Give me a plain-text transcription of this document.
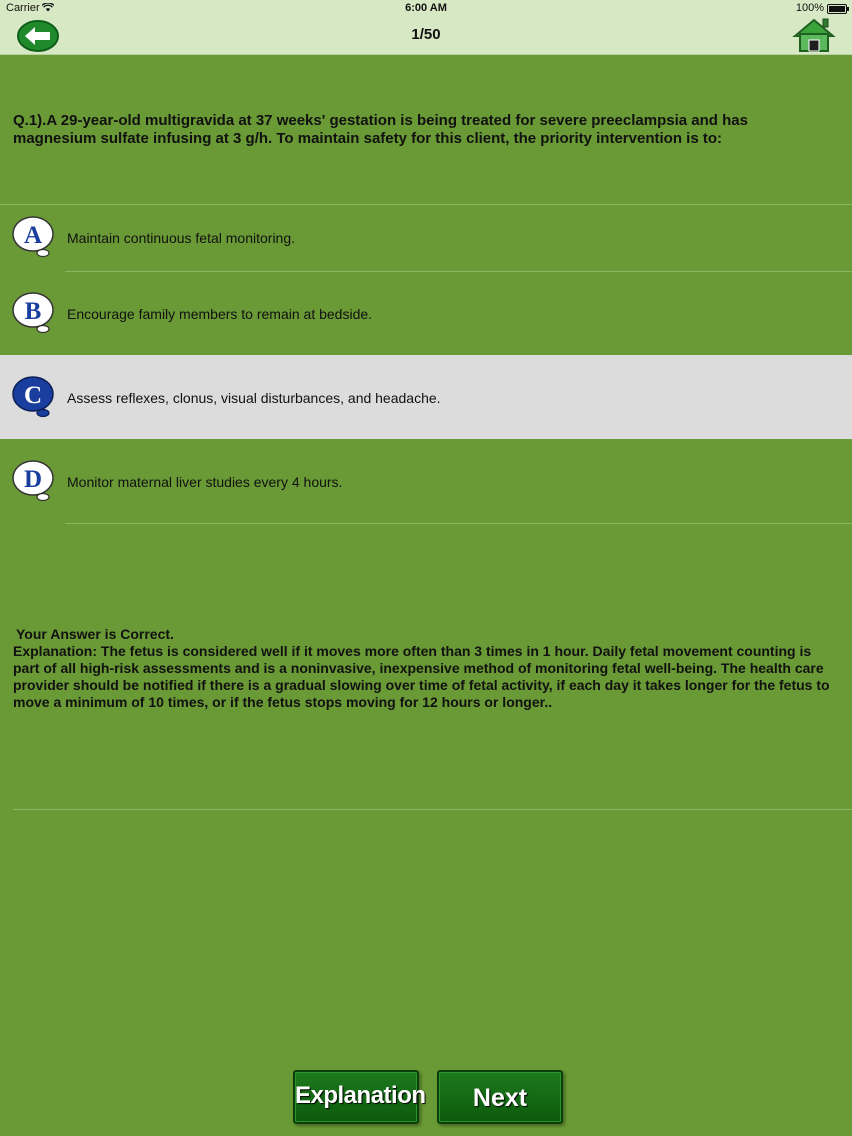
Carrier	6:00 AM	100%
1/50
Q.1).A 29-year-old multigravida at 37 weeks' gestation is being treated for severe preeclampsia and has magnesium sulfate infusing at 3 g/h. To maintain safety for this client, the priority intervention is to:
A Maintain continuous fetal monitoring.
B Encourage family members to remain at bedside.
C Assess reflexes, clonus, visual disturbances, and headache.
D Monitor maternal liver studies every 4 hours.
Your Answer is Correct.
Explanation: The fetus is considered well if it moves more often than 3 times in 1 hour. Daily fetal movement counting is part of all high-risk assessments and is a noninvasive, inexpensive method of monitoring fetal well-being. The health care provider should be notified if there is a gradual slowing over time of fetal activity, if each day it takes longer for the fetus to move a minimum of 10 times, or if the fetus stops moving for 12 hours or longer..
Explanation	Next
